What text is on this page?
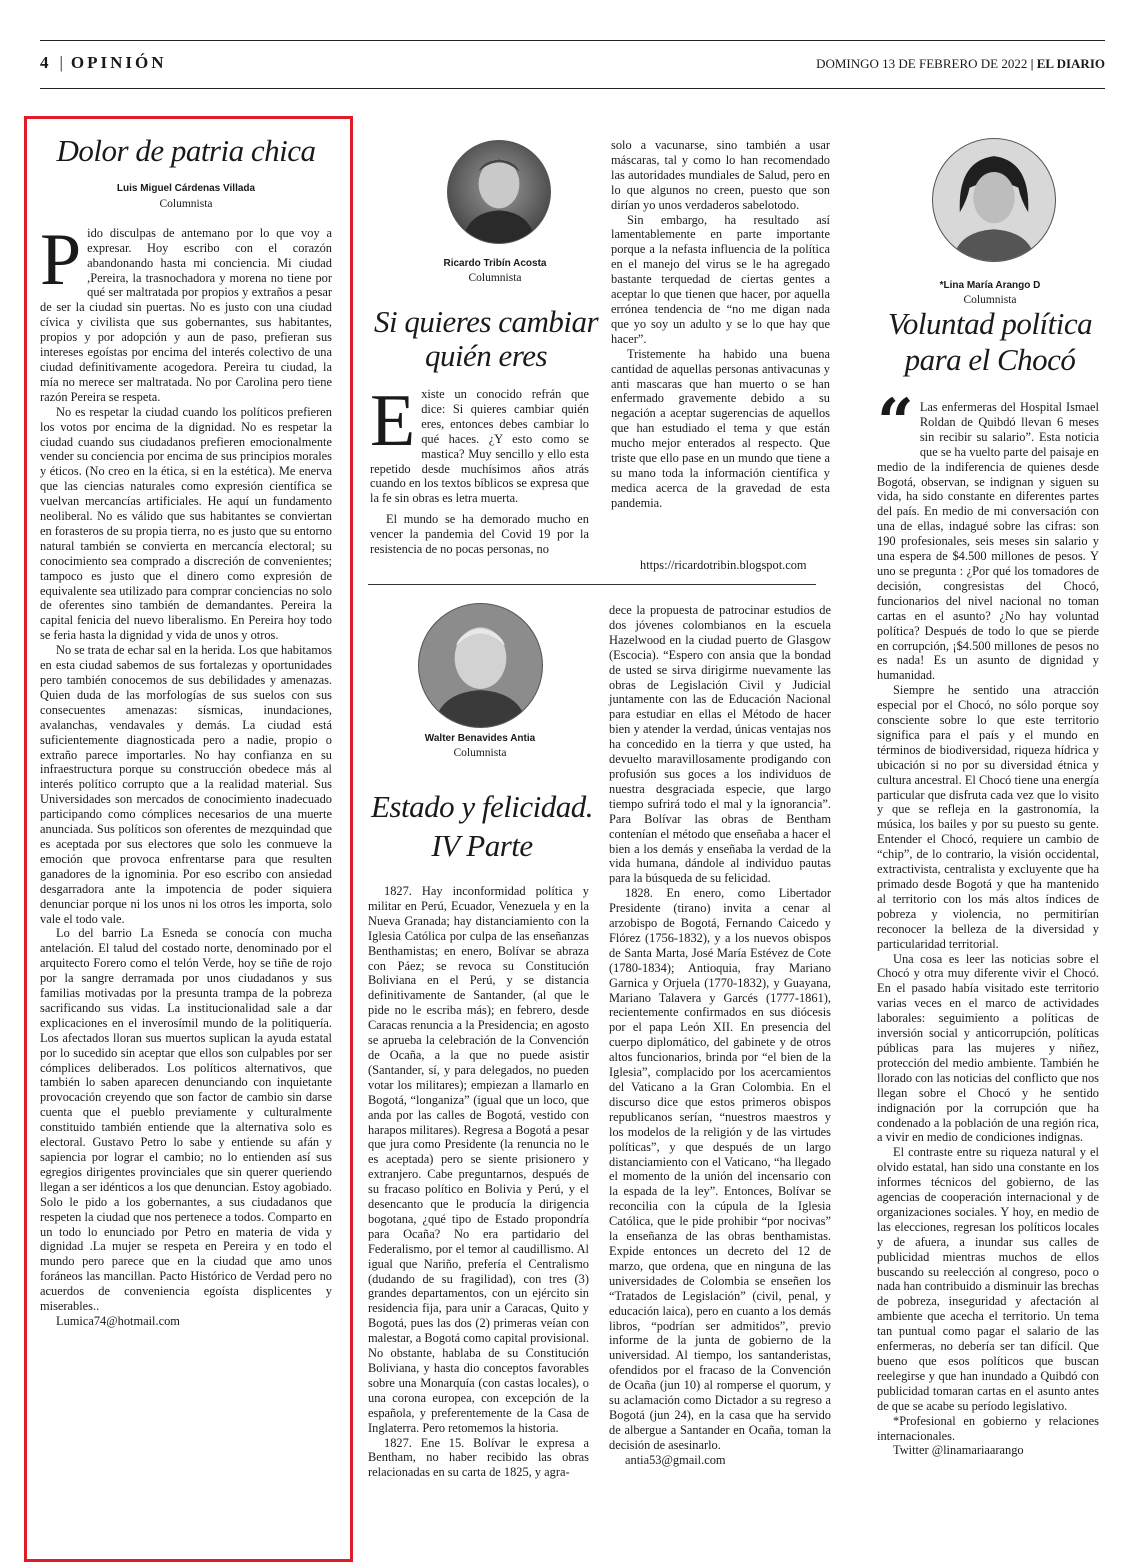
4 | OPINIÓN	DOMINGO 13 DE FEBRERO DE 2022 | EL DIARIO
Dolor de patria chica
Luis Miguel Cárdenas Villada
Columnista

Pido disculpas de antemano por lo que voy a expresar. Hoy escribo con el corazón abandonando hasta mi conciencia. Mi ciudad ,Pereira, la trasnochadora y morena no tiene por qué ser maltratada por propios y extraños a pesar de ser la ciudad sin puertas. No es justo con una ciudad cívica y civilista que sus gobernantes, sus habitantes, propios y por adopción y aun de paso, prefieran sus intereses egoístas por encima del interés colectivo de una ciudad definitivamente acogedora. Pereira tu ciudad, la mía no merece ser maltratada. No por Carolina pero tiene razón Pereira se respeta.

No es respetar la ciudad cuando los políticos prefieren los votos por encima de la dignidad. No es respetar la ciudad cuando sus ciudadanos prefieren emocionalmente vender su conciencia por encima de sus principios morales y éticos. (No creo en la ética, si en la estética). Me enerva que las ciencias naturales como expresión científica se vuelvan mercancías artificiales. He aquí un fundamento neoliberal. No es válido que sus habitantes se conviertan en forasteros de su propia tierra, no es justo que su entorno natural también se convierta en mercancía electoral; su conocimiento sea comprado a discreción de convenientes; tampoco es justo que el dinero como expresión de equivalente sea utilizado para comprar conciencias no solo de oferentes sino también de demandantes. Pereira la capital fenicia del nuevo liberalismo. En Pereira hoy todo se feria hasta la dignidad y vida de unos y otros.

No se trata de echar sal en la herida. Los que habitamos en esta ciudad sabemos de sus fortalezas y oportunidades pero también conocemos de sus debilidades y amenazas. Quien duda de las morfologías de sus suelos con sus consecuentes amenazas: sísmicas, inundaciones, avalanchas, vendavales y demás. La ciudad está suficientemente diagnosticada pero a nadie, propio o extraño parece importarles. No hay confianza en su infraestructura porque su construcción obedece más al interés político corrupto que a la realidad material. Sus Universidades son mercados de conocimiento inadecuado participando como cómplices necesarios de una muerte anunciada. Sus políticos son oferentes de mezquindad que es aceptada por sus electores que solo les conmueve la emoción que provoca enfrentarse para que resulten ganadores de la ignominia. Por eso escribo con ansiedad desgarradora ante la impotencia de poder siquiera denunciar porque ni los unos ni los otros les importa, solo vale el todo vale.

Lo del barrio La Esneda se conocía con mucha antelación. El talud del costado norte, denominado por el arquitecto Forero como el telón Verde, hoy se tiñe de rojo por la sangre derramada por unos ciudadanos y sus familias motivadas por la presunta trampa de la pobreza sacrificando sus vidas. La institucionalidad sale a dar explicaciones en el inverosímil mundo de la politiquería. Los afectados lloran sus muertos suplican la ayuda estatal por lo sucedido sin aceptar que ellos son culpables por ser cómplices deliberados. Los políticos alternativos, que también lo saben aparecen denunciando con inquietante provocación creyendo que son factor de cambio sin darse cuenta que el pueblo previamente y culturalmente constituido también entiende que la alternativa solo es electoral. Gustavo Petro lo sabe y entiende su afán y sapiencia por lograr el cambio; no lo entienden así sus egregios dirigentes provinciales que sin querer queriendo llegan a ser idénticos a los que denuncian. Estoy agobiado. Solo le pido a los gobernantes, a sus ciudadanos que respeten la ciudad que nos pertenece a todos. Comparto en un todo lo enunciado por Petro en materia de vida y dignidad .La mujer se respeta en Pereira y en todo el mundo pero parece que en la ciudad que amo unos foráneos las mancillan. Pacto Histórico de Verdad pero no acuerdos de conveniencia egoísta displicentes y miserables..

Lumica74@hotmail.com

Ricardo Tribín Acosta
Columnista
Si quieres cambiar quién eres

Existe un conocido refrán que dice: Si quieres cambiar quién eres, entonces debes cambiar lo qué haces. ¿Y esto como se mastica? Muy sencillo y ello esta repetido desde muchísimos años atrás cuando en los textos bíblicos se expresa que la fe sin obras es letra muerta.

El mundo se ha demorado mucho en vencer la pandemia del Covid 19 por la resistencia de no pocas personas, no

solo a vacunarse, sino también a usar máscaras, tal y como lo han recomendado las autoridades mundiales de Salud, pero en lo que algunos no creen, puesto que son dirían yo unos verdaderos sabelotodo.

Sin embargo, ha resultado así lamentablemente en parte importante porque a la nefasta influencia de la política en el manejo del virus se le ha agregado bastante terquedad de ciertas gentes a aceptar lo que tienen que hacer, por aquella errónea tendencia de “no me digan nada que yo soy un adulto y se lo que hay que hacer”.

Tristemente ha habido una buena cantidad de aquellas personas antivacunas y anti mascaras que han muerto o se han enfermado gravemente debido a su negación a aceptar sugerencias de aquellos que han estudiado el tema y que están mucho mejor enterados al respecto. Que triste que ello pase en un mundo que tiene a su mano toda la información científica y medica acerca de la gravedad de esta pandemia.

https://ricardotribin.blogspot.com
Walter Benavides Antia
Columnista
Estado y felicidad.
IV Parte

1827. Hay inconformidad política y militar en Perú, Ecuador, Venezuela y en la Nueva Granada; hay distanciamiento con la Iglesia Católica por culpa de las enseñanzas Benthamistas; en enero, Bolívar se abraza con Páez; se revoca su Constitución Boliviana en el Perú, y se distancia definitivamente de Santander, (al que le pide no le escriba más); en febrero, desde Caracas renuncia a la Presidencia; en agosto se aprueba la celebración de la Convención de Ocaña, a la que no puede asistir (Santander, sí, y para delegados, no pueden votar los militares); empiezan a llamarlo en Bogotá, “longaniza” (igual que un loco, que anda por las calles de Bogotá, vestido con harapos militares). Regresa a Bogotá a pesar que jura como Presidente (la renuncia no le es aceptada) pero se siente prisionero y extranjero. Cabe preguntarnos, después de su fracaso político en Bolivia y Perú, y el desencanto que le producía la dirigencia bogotana, ¿qué tipo de Estado propondría para Ocaña? No era partidario del Federalismo, por el temor al caudillismo. Al igual que Nariño, prefería el Centralismo (dudando de su fragilidad), con tres (3) grandes departamentos, con un ejército sin residencia fija, para unir a Caracas, Quito y Bogotá, pues las dos (2) primeras veían con malestar, a Bogotá como capital provisional. No obstante, hablaba de su Constitución Boliviana, y hasta dio conceptos favorables sobre una Monarquía (con castas locales), o una corona europea, con excepción de la española, y preferentemente de la Casa de Inglaterra. Pero retomemos la historia.

1827. Ene 15. Bolívar le expresa a Bentham, no haber recibido las obras relacionadas en su carta de 1825, y agra-

dece la propuesta de patrocinar estudios de dos jóvenes colombianos en la escuela Hazelwood en la ciudad puerto de Glasgow (Escocia). “Espero con ansia que la bondad de usted se sirva dirigirme nuevamente las obras de Legislación Civil y Judicial juntamente con las de Educación Nacional para estudiar en ellas el Método de hacer bien y atender la verdad, únicas ventajas nos ha concedido en la tierra y que usted, ha devuelto maravillosamente prodigando con profusión sus goces a los individuos de nuestra desgraciada especie, que largo tiempo sufrirá todo el mal y la ignorancia”. Para Bolívar las obras de Bentham contenían el método que enseñaba a hacer el bien a los demás y enseñaba la verdad de la vida humana, dándole al individuo pautas para la búsqueda de su felicidad.

1828. En enero, como Libertador Presidente (tirano) invita a cenar al arzobispo de Bogotá, Fernando Caicedo y Flórez (1756-1832), y a los nuevos obispos de Santa Marta, José María Estévez de Cote (1780-1834); Antioquia, fray Mariano Garnica y Orjuela (1770-1832), y Guayana, Mariano Talavera y Garcés (1777-1861), recientemente confirmados en sus diócesis por el papa León XII. En presencia del cuerpo diplomático, del gabinete y de otros altos funcionarios, brinda por “el bien de la Iglesia”, complacido por los acercamientos del Vaticano a la Gran Colombia. En el discurso dice que estos primeros obispos republicanos serían, “nuestros maestros y los modelos de la religión y de las virtudes políticas”, y que después de un largo distanciamiento con el Vaticano, “ha llegado el momento de la unión del incensario con la espada de la ley”. Entonces, Bolívar se reconcilia con la cúpula de la Iglesia Católica, que le pide prohibir “por nocivas” la enseñanza de las obras benthamistas. Expide entonces un decreto del 12 de marzo, que ordena, que en ninguna de las universidades de Colombia se enseñen los “Tratados de Legislación” (civil, penal, y educación laica), pero en cuanto a los demás libros, “podrían ser admitidos”, previo informe de la junta de gobierno de la universidad. Al tiempo, los santanderistas, ofendidos por el fracaso de la Convención de Ocaña (jun 10) al romperse el quorum, y su aclamación como Dictador a su regreso a Bogotá (jun 24), en la casa que ha servido de albergue a Santander en Ocaña, toman la decisión de asesinarlo.

antia53@gmail.com

*Lina María Arango D
Columnista
Voluntad política
para el Chocó

“ Las enfermeras del Hospital Ismael Roldan de Quibdó llevan 6 meses sin recibir su salario”. Esta noticia que se ha vuelto parte del paisaje en medio de la indiferencia de quienes desde Bogotá, observan, se indignan y siguen su vida, ha sido constante en diferentes partes del país. En medio de mi conversación con una de ellas, indagué sobre las cifras: son 190 profesionales, seis meses sin salario y una espera de $4.500 millones de pesos. Y uno se pregunta : ¿Por qué los tomadores de decisión, congresistas del Chocó, funcionarios del nivel nacional no toman cartas en el asunto? ¿No hay voluntad política? Después de todo lo que se pierde en corrupción, ¡$4.500 millones de pesos no es nada! Es un asunto de dignidad y humanidad.

Siempre he sentido una atracción especial por el Chocó, no sólo porque soy consciente sobre lo que este territorio significa para el país y el mundo en términos de biodiversidad, riqueza hídrica y ubicación si no por su diversidad étnica y cultura ancestral. El Chocó tiene una energía particular que disfruta cada vez que lo visito y que se refleja en la gastronomía, la música, los bailes y por su puesto su gente. Entender el Chocó, requiere un cambio de “chip”, de lo contrario, la visión occidental, extractivista, centralista y excluyente que ha primado desde Bogotá y que ha mantenido al territorio con los más altos índices de pobreza y violencia, no permitirían reconocer la belleza de la diversidad y particularidad territorial.

Una cosa es leer las noticias sobre el Chocó y otra muy diferente vivir el Chocó. En el pasado había visitado este territorio varias veces en el marco de actividades laborales: seguimiento a políticas de inversión social y anticorrupción, políticas públicas para las mujeres y niñez, protección del medio ambiente. También he llorado con las noticias del conflicto que nos llegan sobre el Chocó y he sentido indignación por la corrupción que ha condenado a la población de una región rica, a vivir en medio de condiciones indignas.

El contraste entre su riqueza natural y el olvido estatal, han sido una constante en los informes técnicos del gobierno, de las agencias de cooperación internacional y de organizaciones sociales. Y hoy, en medio de las elecciones, regresan los políticos locales y de afuera, a inundar sus calles de publicidad mientras muchos de ellos buscando su reelección al congreso, poco o nada han contribuido a disminuir las brechas de pobreza, inseguridad y afectación al ambiente que acecha el territorio. Un tema tan puntual como pagar el salario de las enfermeras, no debería ser tan difícil. Que bueno que esos políticos que buscan reelegirse y que han inundado a Quibdó con publicidad tomaran cartas en el asunto antes de que se acabe su período legislativo.

*Profesional en gobierno y relaciones internacionales.

Twitter @linamariaarango
